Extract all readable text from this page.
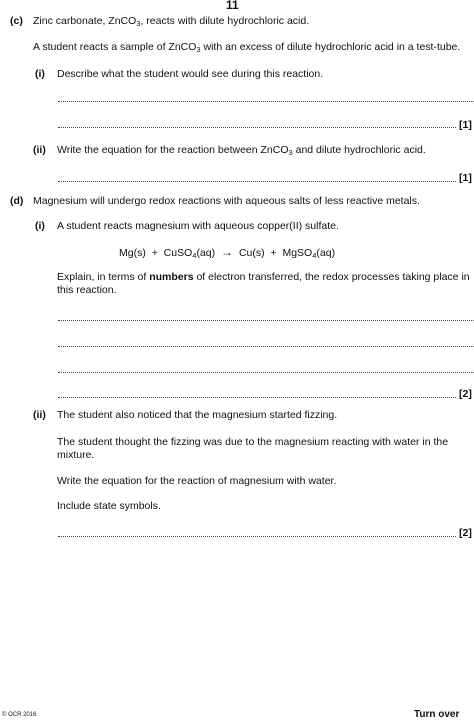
11
(c) Zinc carbonate, ZnCO$_3$, reacts with dilute hydrochloric acid.
A student reacts a sample of ZnCO$_3$ with an excess of dilute hydrochloric acid in a test-tube.
(i) Describe what the student would see during this reaction.
[1]
(ii) Write the equation for the reaction between ZnCO$_3$ and dilute hydrochloric acid.
[1]
(d) Magnesium will undergo redox reactions with aqueous salts of less reactive metals.
(i) A student reacts magnesium with aqueous copper(II) sulfate.
Mg(s) + CuSO$_4$(aq) → Cu(s) + MgSO$_4$(aq)
Explain, in terms of numbers of electron transferred, the redox processes taking place in
this reaction.
[2]
(ii) The student also noticed that the magnesium started fizzing.
The student thought the fizzing was due to the magnesium reacting with water in the
mixture.
Write the equation for the reaction of magnesium with water.
Include state symbols.
[2]
© OCR 2016	Turn over
